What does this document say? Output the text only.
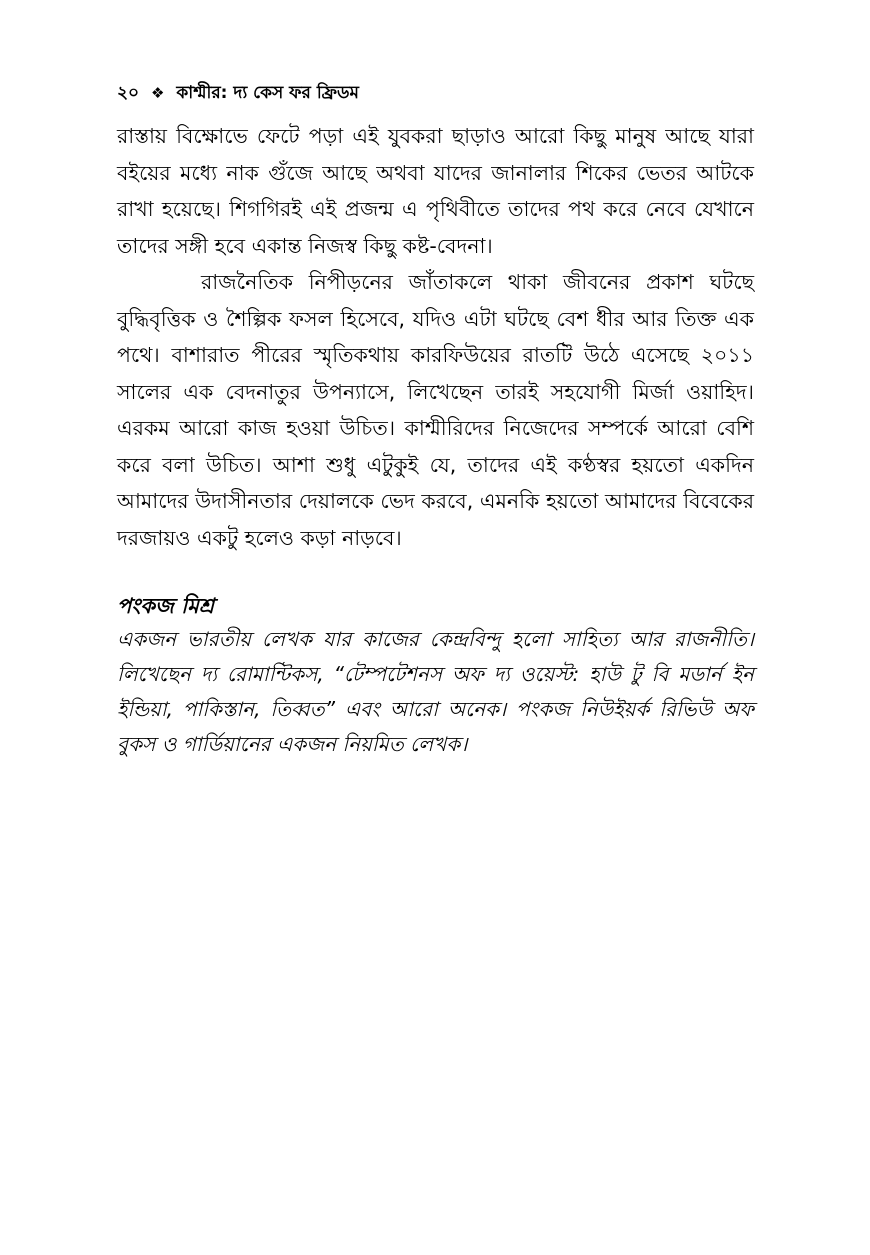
২০ ❖ কাশ্মীর: দ্য কেস ফর ফ্রিডম

রাস্তায় বিক্ষোভে ফেটে পড়া এই যুবকরা ছাড়াও আরো কিছু মানুষ আছে যারা বইয়ের মধ্যে নাক গুঁজে আছে অথবা যাদের জানালার শিকের ভেতর আটকে রাখা হয়েছে। শিগগিরই এই প্রজন্ম এ পৃথিবীতে তাদের পথ করে নেবে যেখানে তাদের সঙ্গী হবে একান্ত নিজস্ব কিছু কষ্ট-বেদনা।

রাজনৈতিক নিপীড়নের জাঁতাকলে থাকা জীবনের প্রকাশ ঘটছে বুদ্ধিবৃত্তিক ও শৈল্পিক ফসল হিসেবে, যদিও এটা ঘটছে বেশ ধীর আর তিক্ত এক পথে। বাশারাত পীরের স্মৃতিকথায় কারফিউয়ের রাতটি উঠে এসেছে ২০১১ সালের এক বেদনাতুর উপন্যাসে, লিখেছেন তারই সহযোগী মির্জা ওয়াহিদ। এরকম আরো কাজ হওয়া উচিত। কাশ্মীরিদের নিজেদের সম্পর্কে আরো বেশি করে বলা উচিত। আশা শুধু এটুকুই যে, তাদের এই কণ্ঠস্বর হয়তো একদিন আমাদের উদাসীনতার দেয়ালকে ভেদ করবে, এমনকি হয়তো আমাদের বিবেকের দরজায়ও একটু হলেও কড়া নাড়বে।

পংকজ মিশ্র

একজন ভারতীয় লেখক যার কাজের কেন্দ্রবিন্দু হলো সাহিত্য আর রাজনীতি। লিখেছেন দ্য রোমান্টিকস, “টেম্পটেশনস অফ দ্য ওয়েস্ট: হাউ টু বি মডার্ন ইন ইন্ডিয়া, পাকিস্তান, তিব্বত” এবং আরো অনেক। পংকজ নিউইয়র্ক রিভিউ অফ বুকস ও গার্ডিয়ানের একজন নিয়মিত লেখক।
